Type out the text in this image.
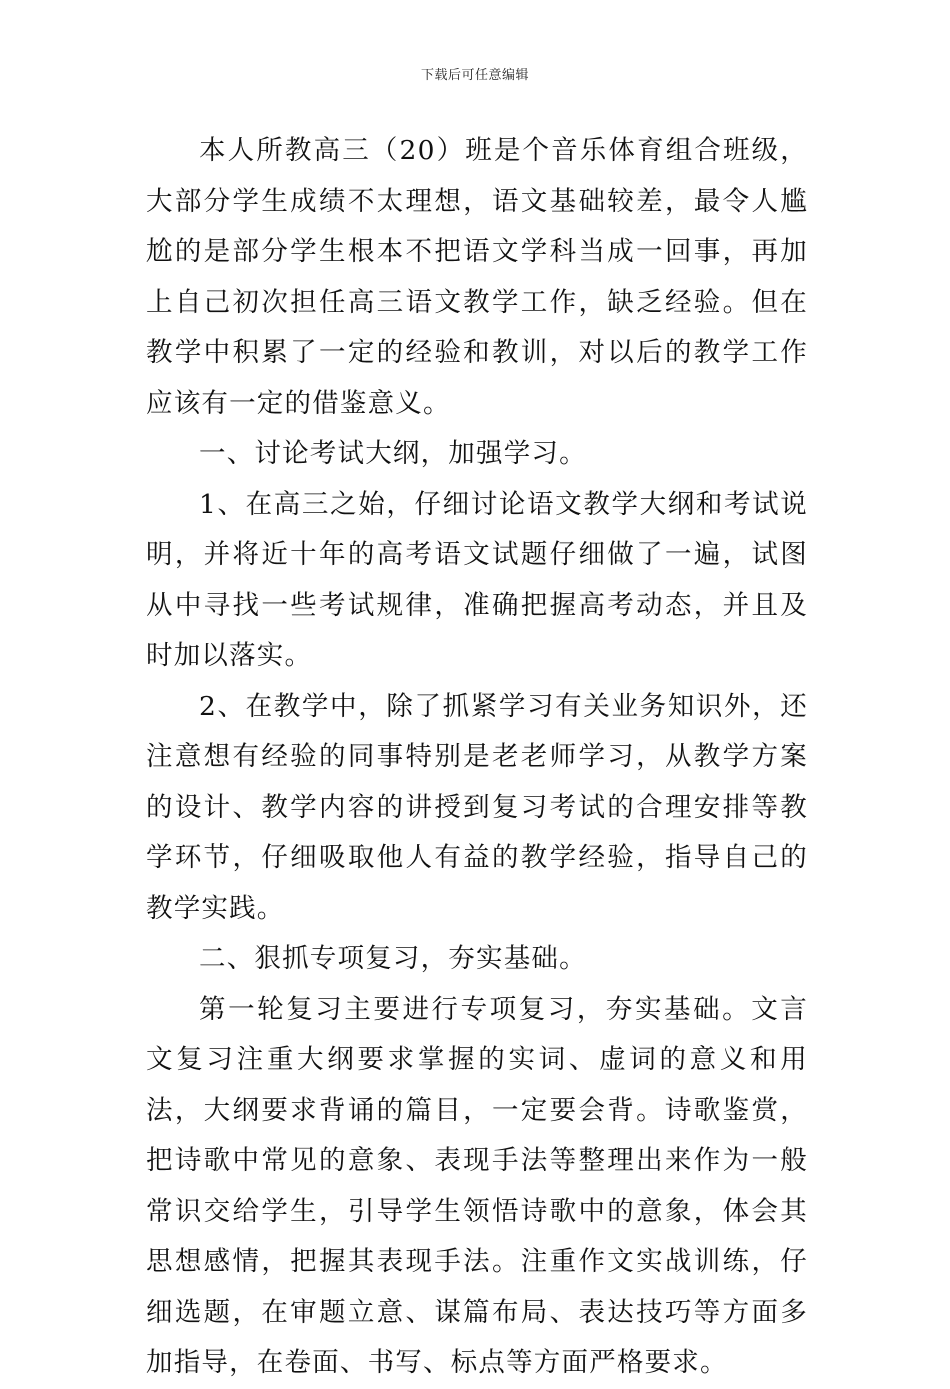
下载后可任意编辑

本人所教高三（20）班是个音乐体育组合班级，大部分学生成绩不太理想，语文基础较差，最令人尴尬的是部分学生根本不把语文学科当成一回事，再加上自己初次担任高三语文教学工作，缺乏经验。但在教学中积累了一定的经验和教训，对以后的教学工作应该有一定的借鉴意义。

一、讨论考试大纲，加强学习。

1、在高三之始，仔细讨论语文教学大纲和考试说明，并将近十年的高考语文试题仔细做了一遍，试图从中寻找一些考试规律，准确把握高考动态，并且及时加以落实。

2、在教学中，除了抓紧学习有关业务知识外，还注意想有经验的同事特别是老老师学习，从教学方案的设计、教学内容的讲授到复习考试的合理安排等教学环节，仔细吸取他人有益的教学经验，指导自己的教学实践。

二、狠抓专项复习，夯实基础。

第一轮复习主要进行专项复习，夯实基础。文言文复习注重大纲要求掌握的实词、虚词的意义和用法，大纲要求背诵的篇目，一定要会背。诗歌鉴赏，把诗歌中常见的意象、表现手法等整理出来作为一般常识交给学生，引导学生领悟诗歌中的意象，体会其思想感情，把握其表现手法。注重作文实战训练，仔细选题，在审题立意、谋篇布局、表达技巧等方面多加指导，在卷面、书写、标点等方面严格要求。
